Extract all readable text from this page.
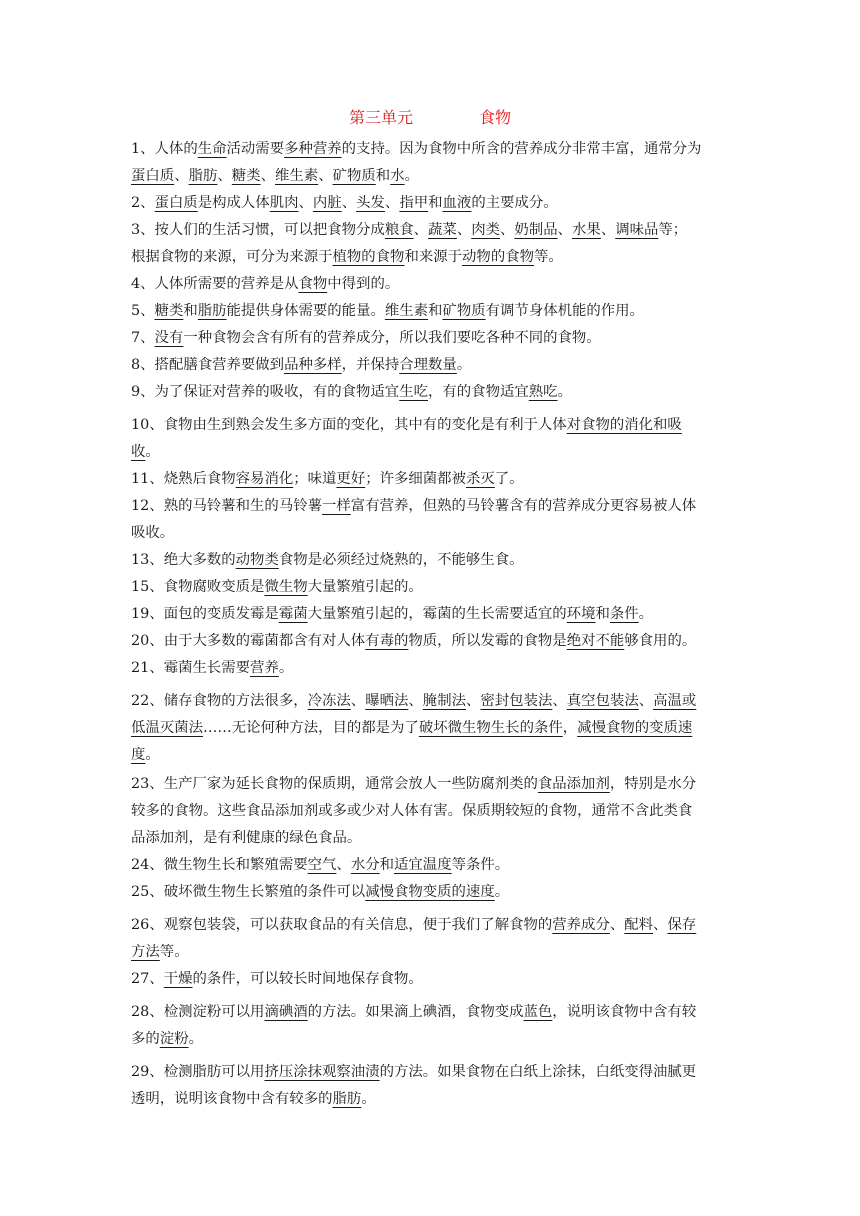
第三单元	食物
1、人体的生命活动需要多种营养的支持。因为食物中所含的营养成分非常丰富，通常分为
蛋白质、脂肪、糖类、维生素、矿物质和水。
2、蛋白质是构成人体肌肉、内脏、头发、指甲和血液的主要成分。
3、按人们的生活习惯，可以把食物分成粮食、蔬菜、肉类、奶制品、水果、调味品等；
根据食物的来源，可分为来源于植物的食物和来源于动物的食物等。
4、人体所需要的营养是从食物中得到的。
5、糖类和脂肪能提供身体需要的能量。维生素和矿物质有调节身体机能的作用。
7、没有一种食物会含有所有的营养成分，所以我们要吃各种不同的食物。
8、搭配膳食营养要做到品种多样，并保持合理数量。
9、为了保证对营养的吸收，有的食物适宜生吃，有的食物适宜熟吃。
10、食物由生到熟会发生多方面的变化，其中有的变化是有利于人体对食物的消化和吸
收。
11、烧熟后食物容易消化；味道更好；许多细菌都被杀灭了。
12、熟的马铃薯和生的马铃薯一样富有营养，但熟的马铃薯含有的营养成分更容易被人体
吸收。
13、绝大多数的动物类食物是必须经过烧熟的，不能够生食。
15、食物腐败变质是微生物大量繁殖引起的。
19、面包的变质发霉是霉菌大量繁殖引起的，霉菌的生长需要适宜的环境和条件。
20、由于大多数的霉菌都含有对人体有毒的物质，所以发霉的食物是绝对不能够食用的。
21、霉菌生长需要营养。
22、储存食物的方法很多，冷冻法、曝晒法、腌制法、密封包装法、真空包装法、高温或
低温灭菌法……无论何种方法，目的都是为了破坏微生物生长的条件，减慢食物的变质速
度。
23、生产厂家为延长食物的保质期，通常会放人一些防腐剂类的食品添加剂，特别是水分
较多的食物。这些食品添加剂或多或少对人体有害。保质期较短的食物，通常不含此类食
品添加剂，是有利健康的绿色食品。
24、微生物生长和繁殖需要空气、水分和适宜温度等条件。
25、破坏微生物生长繁殖的条件可以减慢食物变质的速度。
26、观察包装袋，可以获取食品的有关信息，便于我们了解食物的营养成分、配料、保存
方法等。
27、干燥的条件，可以较长时间地保存食物。
28、检测淀粉可以用滴碘酒的方法。如果滴上碘酒，食物变成蓝色，说明该食物中含有较
多的淀粉。
29、检测脂肪可以用挤压涂抹观察油渍的方法。如果食物在白纸上涂抹，白纸变得油腻更
透明，说明该食物中含有较多的脂肪。
